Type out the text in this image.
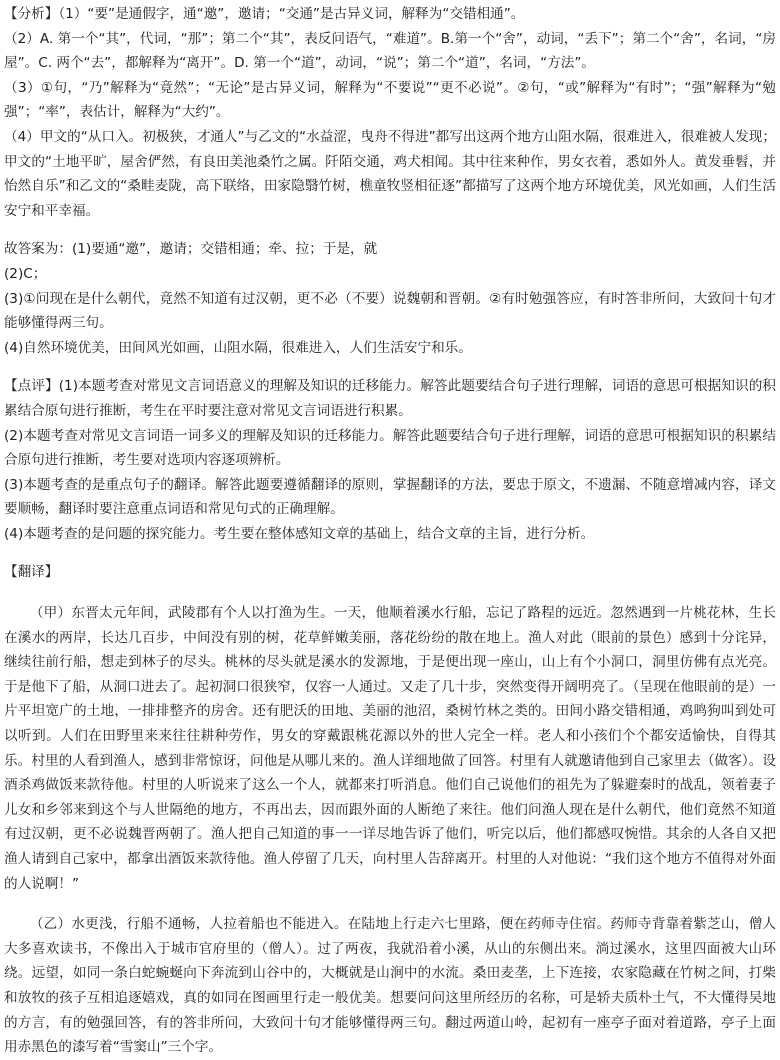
【分析】（1）“要”是通假字，通“邀”，邀请；“交通”是古异义词，解释为“交错相通”。

（2）A. 第一个“其”，代词，“那”；第二个“其”，表反问语气，“难道”。B.第一个“舍”，动词，“丢下”；第二个“舍”，名词，“房屋”。C. 两个“去”，都解释为“离开”。D. 第一个“道”，动词，“说”；第二个“道”，名词，“方法”。

（3）①句，“乃”解释为“竟然”；“无论”是古异义词，解释为“不要说”“更不必说”。②句，“或”解释为“有时”；“强”解释为“勉强”；“率”，表估计，解释为“大约”。

（4）甲文的“从口入。初极狭，才通人”与乙文的“水益涩，曳舟不得进”都写出这两个地方山阻水隔，很难进入，很难被人发现；甲文的“土地平旷，屋舍俨然，有良田美池桑竹之属。阡陌交通，鸡犬相闻。其中往来种作，男女衣着，悉如外人。黄发垂髫，并怡然自乐”和乙文的“桑畦麦陇，高下联络，田家隐翳竹树，樵童牧竖相征逐”都描写了这两个地方环境优美，风光如画，人们生活安宁和平幸福。

故答案为：(1)要通“邀”，邀请；交错相通；牵、拉；于是，就

(2)C；

(3)①问现在是什么朝代，竟然不知道有过汉朝，更不必（不要）说魏朝和晋朝。②有时勉强答应，有时答非所问，大致问十句才能够懂得两三句。

(4)自然环境优美，田间风光如画，山阻水隔，很难进入，人们生活安宁和乐。

【点评】(1)本题考查对常见文言词语意义的理解及知识的迁移能力。解答此题要结合句子进行理解，词语的意思可根据知识的积累结合原句进行推断，考生在平时要注意对常见文言词语进行积累。

(2)本题考查对常见文言词语一词多义的理解及知识的迁移能力。解答此题要结合句子进行理解，词语的意思可根据知识的积累结合原句进行推断，考生要对选项内容逐项辨析。

(3)本题考查的是重点句子的翻译。解答此题要遵循翻译的原则，掌握翻译的方法，要忠于原文，不遗漏、不随意增减内容，译文要顺畅，翻译时要注意重点词语和常见句式的正确理解。

(4)本题考查的是问题的探究能力。考生要在整体感知文章的基础上，结合文章的主旨，进行分析。

【翻译】

（甲）东晋太元年间，武陵郡有个人以打渔为生。一天，他顺着溪水行船，忘记了路程的远近。忽然遇到一片桃花林，生长在溪水的两岸，长达几百步，中间没有别的树，花草鲜嫩美丽，落花纷纷的散在地上。渔人对此（眼前的景色）感到十分诧异，继续往前行船，想走到林子的尽头。桃林的尽头就是溪水的发源地，于是便出现一座山，山上有个小洞口，洞里仿佛有点光亮。于是他下了船，从洞口进去了。起初洞口很狭窄，仅容一人通过。又走了几十步，突然变得开阔明亮了。（呈现在他眼前的是）一片平坦宽广的土地，一排排整齐的房舍。还有肥沃的田地、美丽的池沼，桑树竹林之类的。田间小路交错相通，鸡鸣狗叫到处可以听到。人们在田野里来来往往耕种劳作，男女的穿戴跟桃花源以外的世人完全一样。老人和小孩们个个都安适愉快，自得其乐。村里的人看到渔人，感到非常惊讶，问他是从哪儿来的。渔人详细地做了回答。村里有人就邀请他到自己家里去（做客）。设酒杀鸡做饭来款待他。村里的人听说来了这么一个人，就都来打听消息。他们自己说他们的祖先为了躲避秦时的战乱，领着妻子儿女和乡邻来到这个与人世隔绝的地方，不再出去，因而跟外面的人断绝了来往。他们问渔人现在是什么朝代，他们竟然不知道有过汉朝，更不必说魏晋两朝了。渔人把自己知道的事一一详尽地告诉了他们，听完以后，他们都感叹惋惜。其余的人各自又把渔人请到自己家中，都拿出酒饭来款待他。渔人停留了几天，向村里人告辞离开。村里的人对他说：“我们这个地方不值得对外面的人说啊！”

（乙）水更浅，行船不通畅，人拉着船也不能进入。在陆地上行走六七里路，便在药师寺住宿。药师寺背靠着紫芝山，僧人大多喜欢读书，不像出入于城市官府里的（僧人）。过了两夜，我就沿着小溪，从山的东侧出来。淌过溪水，这里四面被大山环绕。远望，如同一条白蛇蜿蜒向下奔流到山谷中的，大概就是山涧中的水流。桑田麦垄，上下连接，农家隐藏在竹树之间，打柴和放牧的孩子互相追逐嬉戏，真的如同在图画里行走一般优美。想要问问这里所经历的名称，可是轿夫质朴土气，不大懂得吴地的方言，有的勉强回答，有的答非所问，大致问十句才能够懂得两三句。翻过两道山岭，起初有一座亭子面对着道路，亭子上面用赤黑色的漆写着“雪窦山”三个字。
